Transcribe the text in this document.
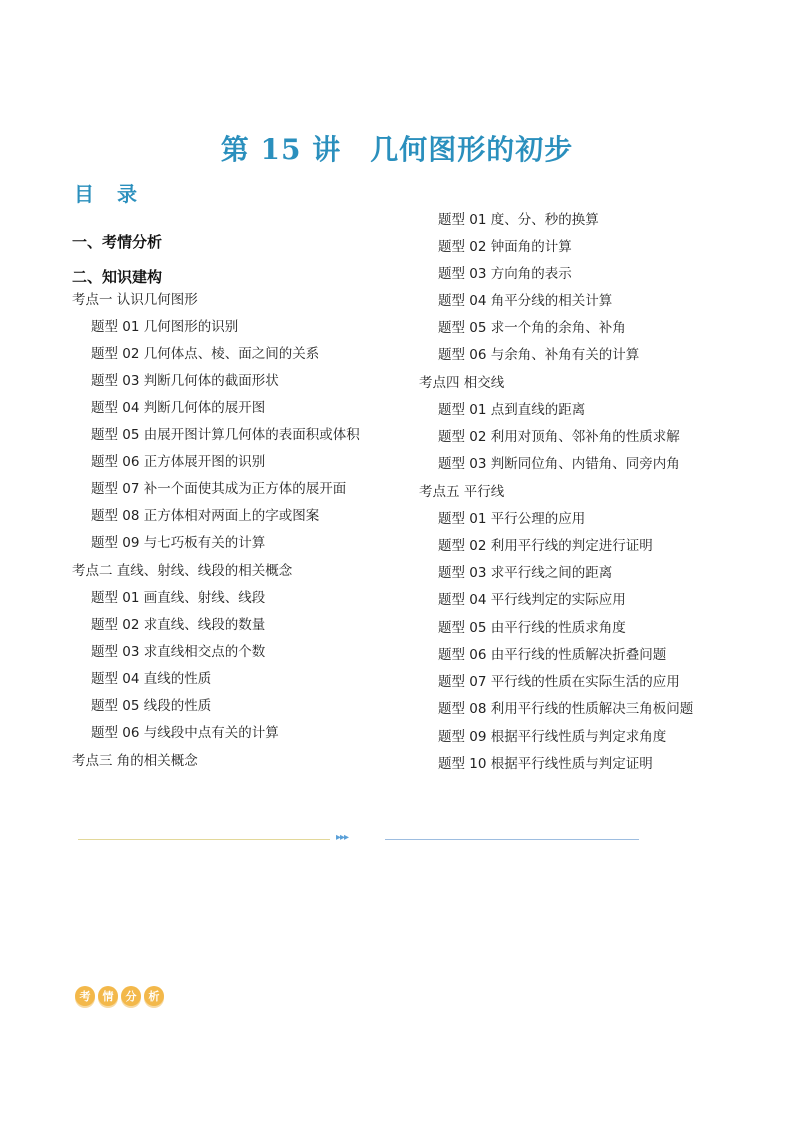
第 15 讲　几何图形的初步
目 录
一、考情分析
二、知识建构
考点一 认识几何图形
题型 01 几何图形的识别
题型 02 几何体点、棱、面之间的关系
题型 03 判断几何体的截面形状
题型 04 判断几何体的展开图
题型 05 由展开图计算几何体的表面积或体积
题型 06 正方体展开图的识别
题型 07 补一个面使其成为正方体的展开面
题型 08 正方体相对两面上的字或图案
题型 09 与七巧板有关的计算
考点二 直线、射线、线段的相关概念
题型 01 画直线、射线、线段
题型 02 求直线、线段的数量
题型 03 求直线相交点的个数
题型 04 直线的性质
题型 05 线段的性质
题型 06 与线段中点有关的计算
考点三 角的相关概念
题型 01 度、分、秒的换算
题型 02 钟面角的计算
题型 03 方向角的表示
题型 04 角平分线的相关计算
题型 05 求一个角的余角、补角
题型 06 与余角、补角有关的计算
考点四 相交线
题型 01 点到直线的距离
题型 02 利用对顶角、邻补角的性质求解
题型 03 判断同位角、内错角、同旁内角
考点五 平行线
题型 01 平行公理的应用
题型 02 利用平行线的判定进行证明
题型 03 求平行线之间的距离
题型 04 平行线判定的实际应用
题型 05 由平行线的性质求角度
题型 06 由平行线的性质解决折叠问题
题型 07 平行线的性质在实际生活的应用
题型 08 利用平行线的性质解决三角板问题
题型 09 根据平行线性质与判定求角度
题型 10 根据平行线性质与判定证明
▸▸▸
考	情	分	析
